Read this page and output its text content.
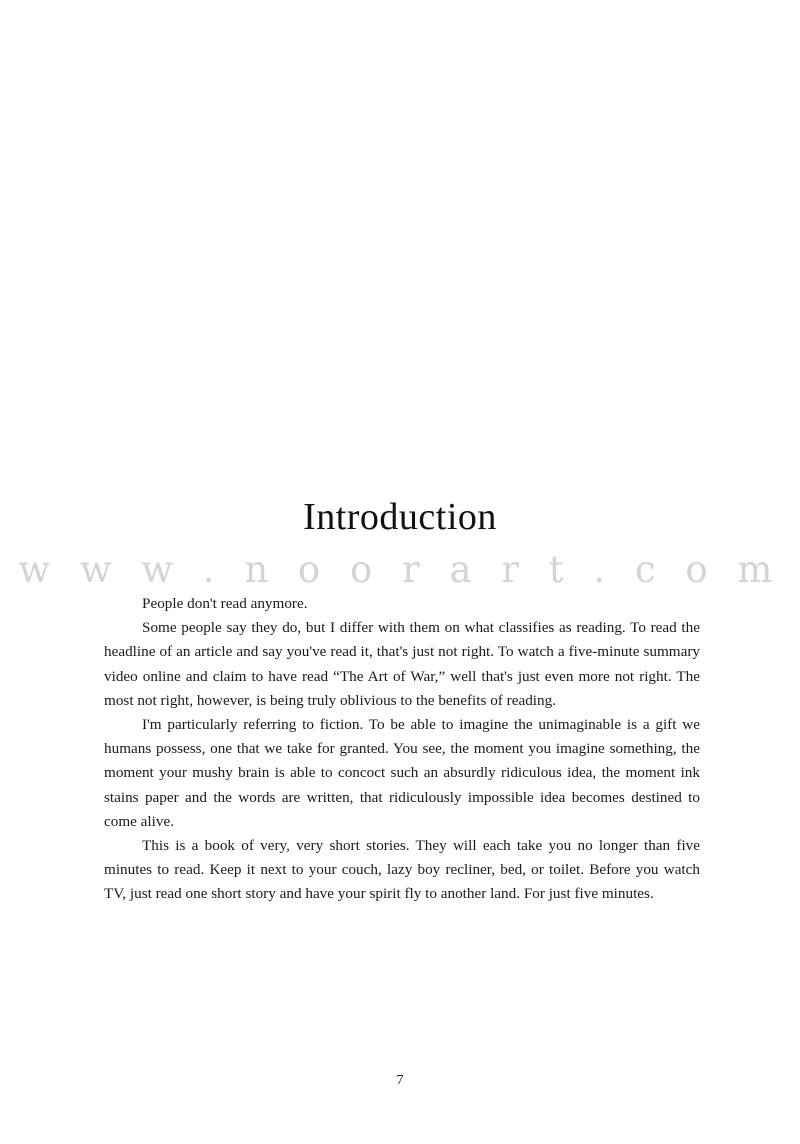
Introduction
w w w . n o o r a r t . c o m

People don't read anymore.

Some people say they do, but I differ with them on what classifies as reading. To read the headline of an article and say you've read it, that's just not right. To watch a five-minute summary video online and claim to have read “The Art of War,” well that's just even more not right. The most not right, however, is being truly oblivious to the benefits of reading.

I'm particularly referring to fiction. To be able to imagine the unimaginable is a gift we humans possess, one that we take for granted. You see, the moment you imagine something, the moment your mushy brain is able to concoct such an absurdly ridiculous idea, the moment ink stains paper and the words are written, that ridiculously impossible idea becomes destined to come alive.

This is a book of very, very short stories. They will each take you no longer than five minutes to read. Keep it next to your couch, lazy boy recliner, bed, or toilet. Before you watch TV, just read one short story and have your spirit fly to another land. For just five minutes.

7
